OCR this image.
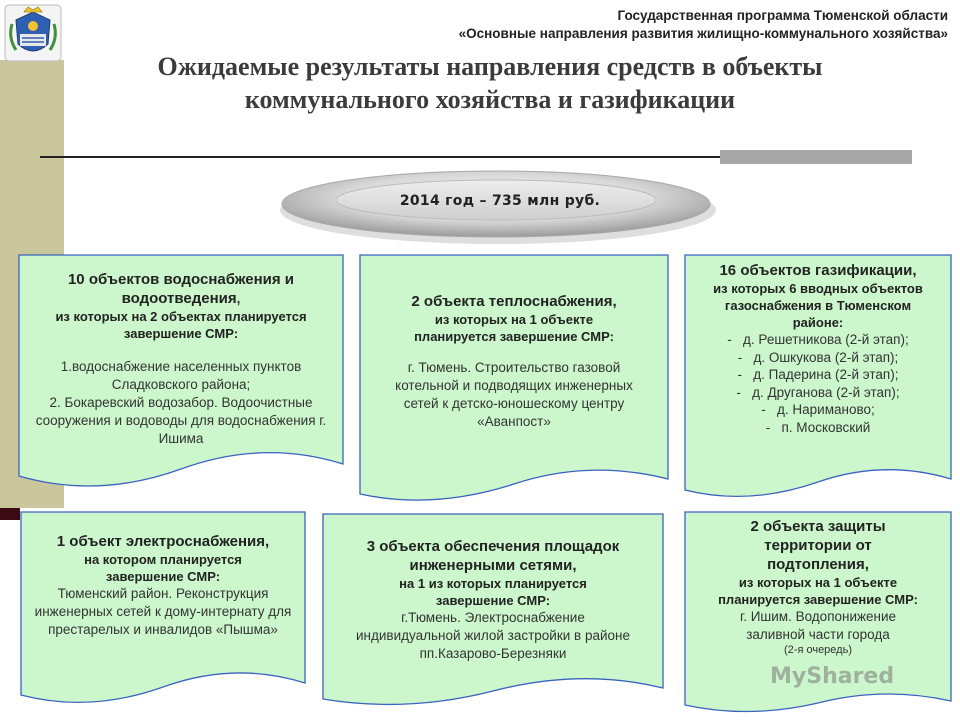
Государственная программа Тюменской области
«Основные направления развития жилищно-коммунального хозяйства»
Ожидаемые результаты направления средств в объекты
коммунального хозяйства и газификации
2014 год – 735 млн руб.
10 объектов водоснабжения и водоотведения,
из которых на 2 объектах планируется завершение СМР:
1.водоснабжение населенных пунктов Сладковского района;
2. Бокаревский водозабор. Водоочистные сооружения и водоводы для водоснабжения г. Ишима
2 объекта теплоснабжения,
из которых на 1 объекте планируется завершение СМР:
г. Тюмень. Строительство газовой котельной и подводящих инженерных сетей к детско-юношескому центру «Аванпост»
16 объектов газификации,
из которых 6 вводных объектов газоснабжения в Тюменском районе:
- д. Решетникова (2-й этап);
- д. Ошкукова (2-й этап);
- д. Падерина (2-й этап);
- д. Друганова (2-й этап);
- д. Нариманово;
- п. Московский
1 объект электроснабжения,
на котором планируется завершение СМР:
Тюменский район. Реконструкция инженерных сетей к дому-интернату для престарелых и инвалидов «Пышма»
3 объекта обеспечения площадок инженерными сетями,
на 1 из которых планируется завершение СМР:
г.Тюмень. Электроснабжение индивидуальной жилой застройки в районе пп.Казарово-Березняки
2 объекта защиты территории от подтопления,
из которых на 1 объекте планируется завершение СМР:
г. Ишим. Водопонижение заливной части города
(2-я очередь)
MyShared
